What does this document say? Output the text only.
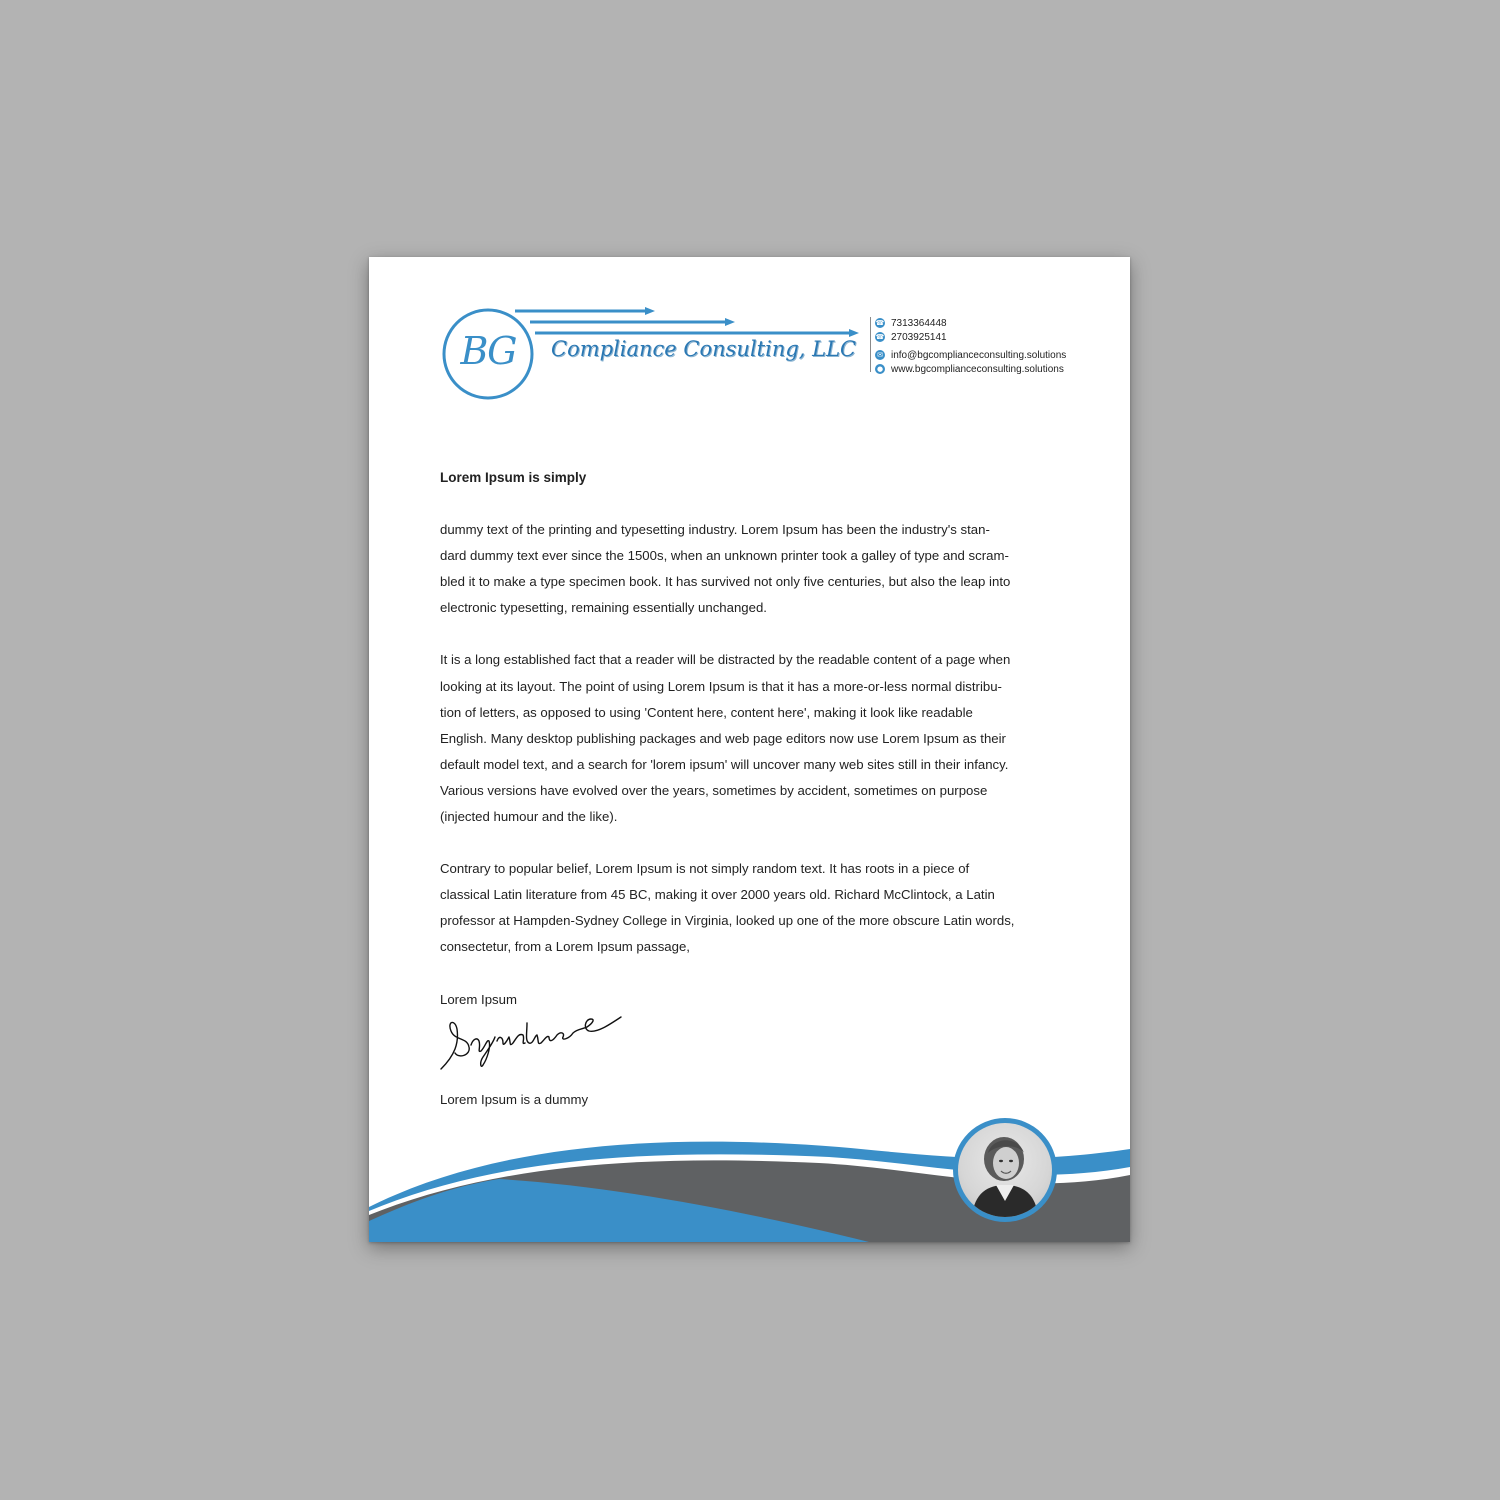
BG	Compliance Consulting, LLC
☎ 7313364448
☎ 2703925141
✉ info@bgcomplianceconsulting.solutions
● www.bgcomplianceconsulting.solutions

Lorem Ipsum is simply

dummy text of the printing and typesetting industry. Lorem Ipsum has been the industry's stan-
dard dummy text ever since the 1500s, when an unknown printer took a galley of type and scram-
bled it to make a type specimen book. It has survived not only five centuries, but also the leap into
electronic typesetting, remaining essentially unchanged.

It is a long established fact that a reader will be distracted by the readable content of a page when
looking at its layout. The point of using Lorem Ipsum is that it has a more-or-less normal distribu-
tion of letters, as opposed to using 'Content here, content here', making it look like readable
English. Many desktop publishing packages and web page editors now use Lorem Ipsum as their
default model text, and a search for 'lorem ipsum' will uncover many web sites still in their infancy.
Various versions have evolved over the years, sometimes by accident, sometimes on purpose
(injected humour and the like).

Contrary to popular belief, Lorem Ipsum is not simply random text. It has roots in a piece of
classical Latin literature from 45 BC, making it over 2000 years old. Richard McClintock, a Latin
professor at Hampden-Sydney College in Virginia, looked up one of the more obscure Latin words,
consectetur, from a Lorem Ipsum passage,

Lorem Ipsum

Lorem Ipsum is a dummy
